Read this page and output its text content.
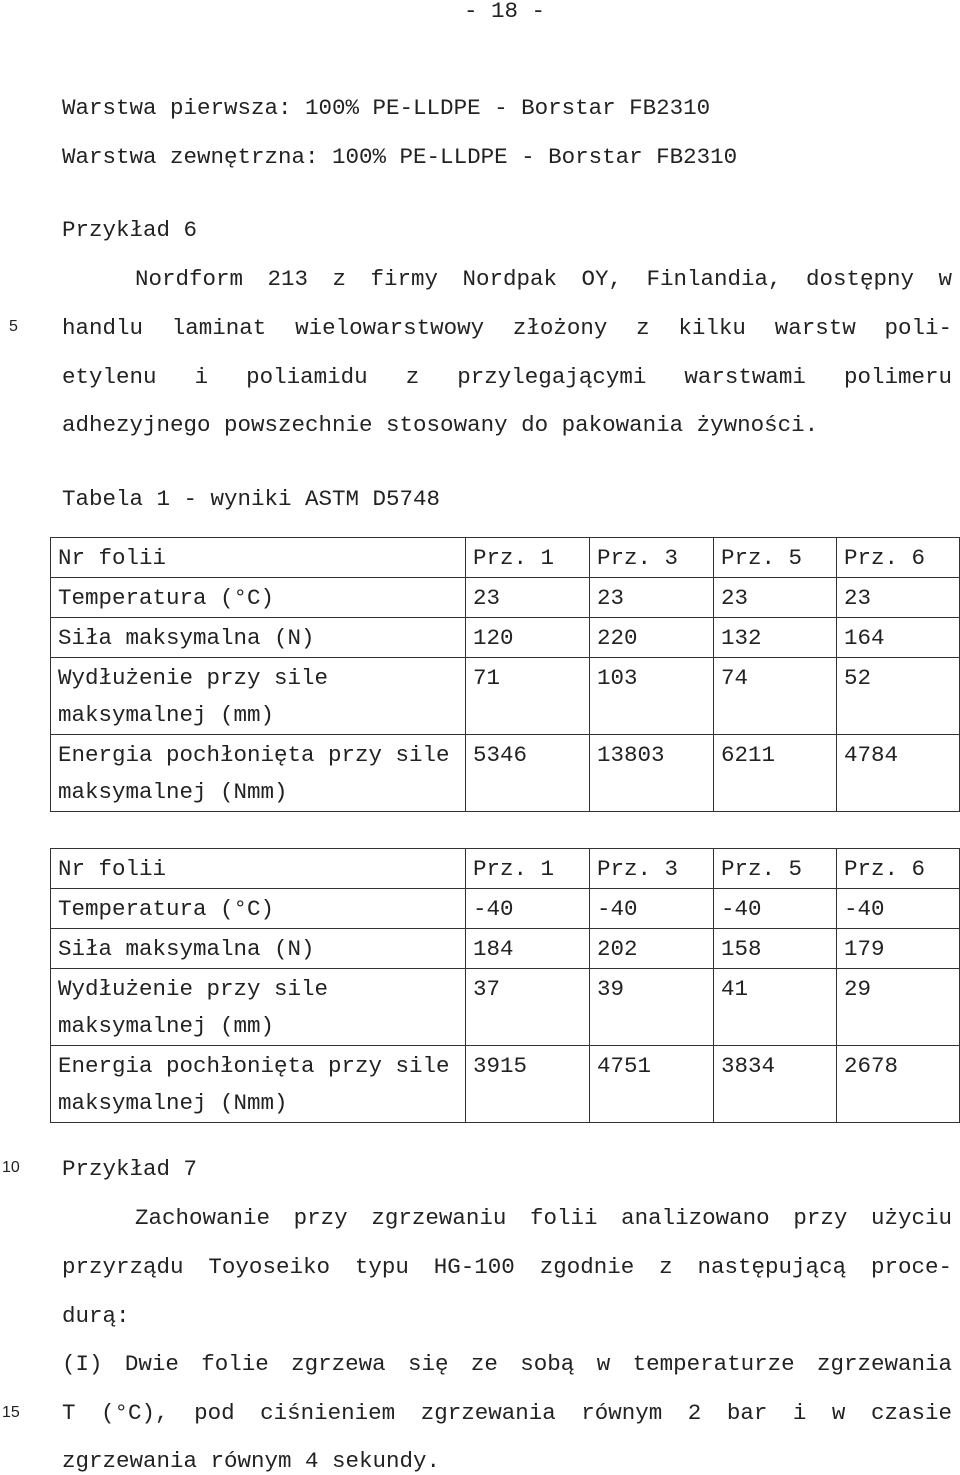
- 18 -
5
10
15
Warstwa pierwsza: 100% PE-LLDPE - Borstar FB2310
Warstwa zewnętrzna: 100% PE-LLDPE - Borstar FB2310
Przykład 6
Nordform 213 z firmy Nordpak OY, Finlandia, dostępny w
handlu laminat wielowarstwowy złożony z kilku warstw poli-
etylenu i poliamidu z przylegającymi warstwami polimeru
adhezyjnego powszechnie stosowany do pakowania żywności.
Tabela 1 - wyniki ASTM D5748
Nr folii	Prz. 1	Prz. 3	Prz. 5	Prz. 6
Temperatura (°C)	23	23	23	23
Siła maksymalna (N)	120	220	132	164
Wydłużenie przy sile maksymalnej (mm)	71	103	74	52
Energia pochłonięta przy sile maksymalnej (Nmm)	5346	13803	6211	4784
Nr folii	Prz. 1	Prz. 3	Prz. 5	Prz. 6
Temperatura (°C)	-40	-40	-40	-40
Siła maksymalna (N)	184	202	158	179
Wydłużenie przy sile maksymalnej (mm)	37	39	41	29
Energia pochłonięta przy sile maksymalnej (Nmm)	3915	4751	3834	2678
Przykład 7
Zachowanie przy zgrzewaniu folii analizowano przy użyciu
przyrządu Toyoseiko typu HG-100 zgodnie z następującą proce-
durą:
(I) Dwie folie zgrzewa się ze sobą w temperaturze zgrzewania
T (°C), pod ciśnieniem zgrzewania równym 2 bar i w czasie
zgrzewania równym 4 sekundy.
